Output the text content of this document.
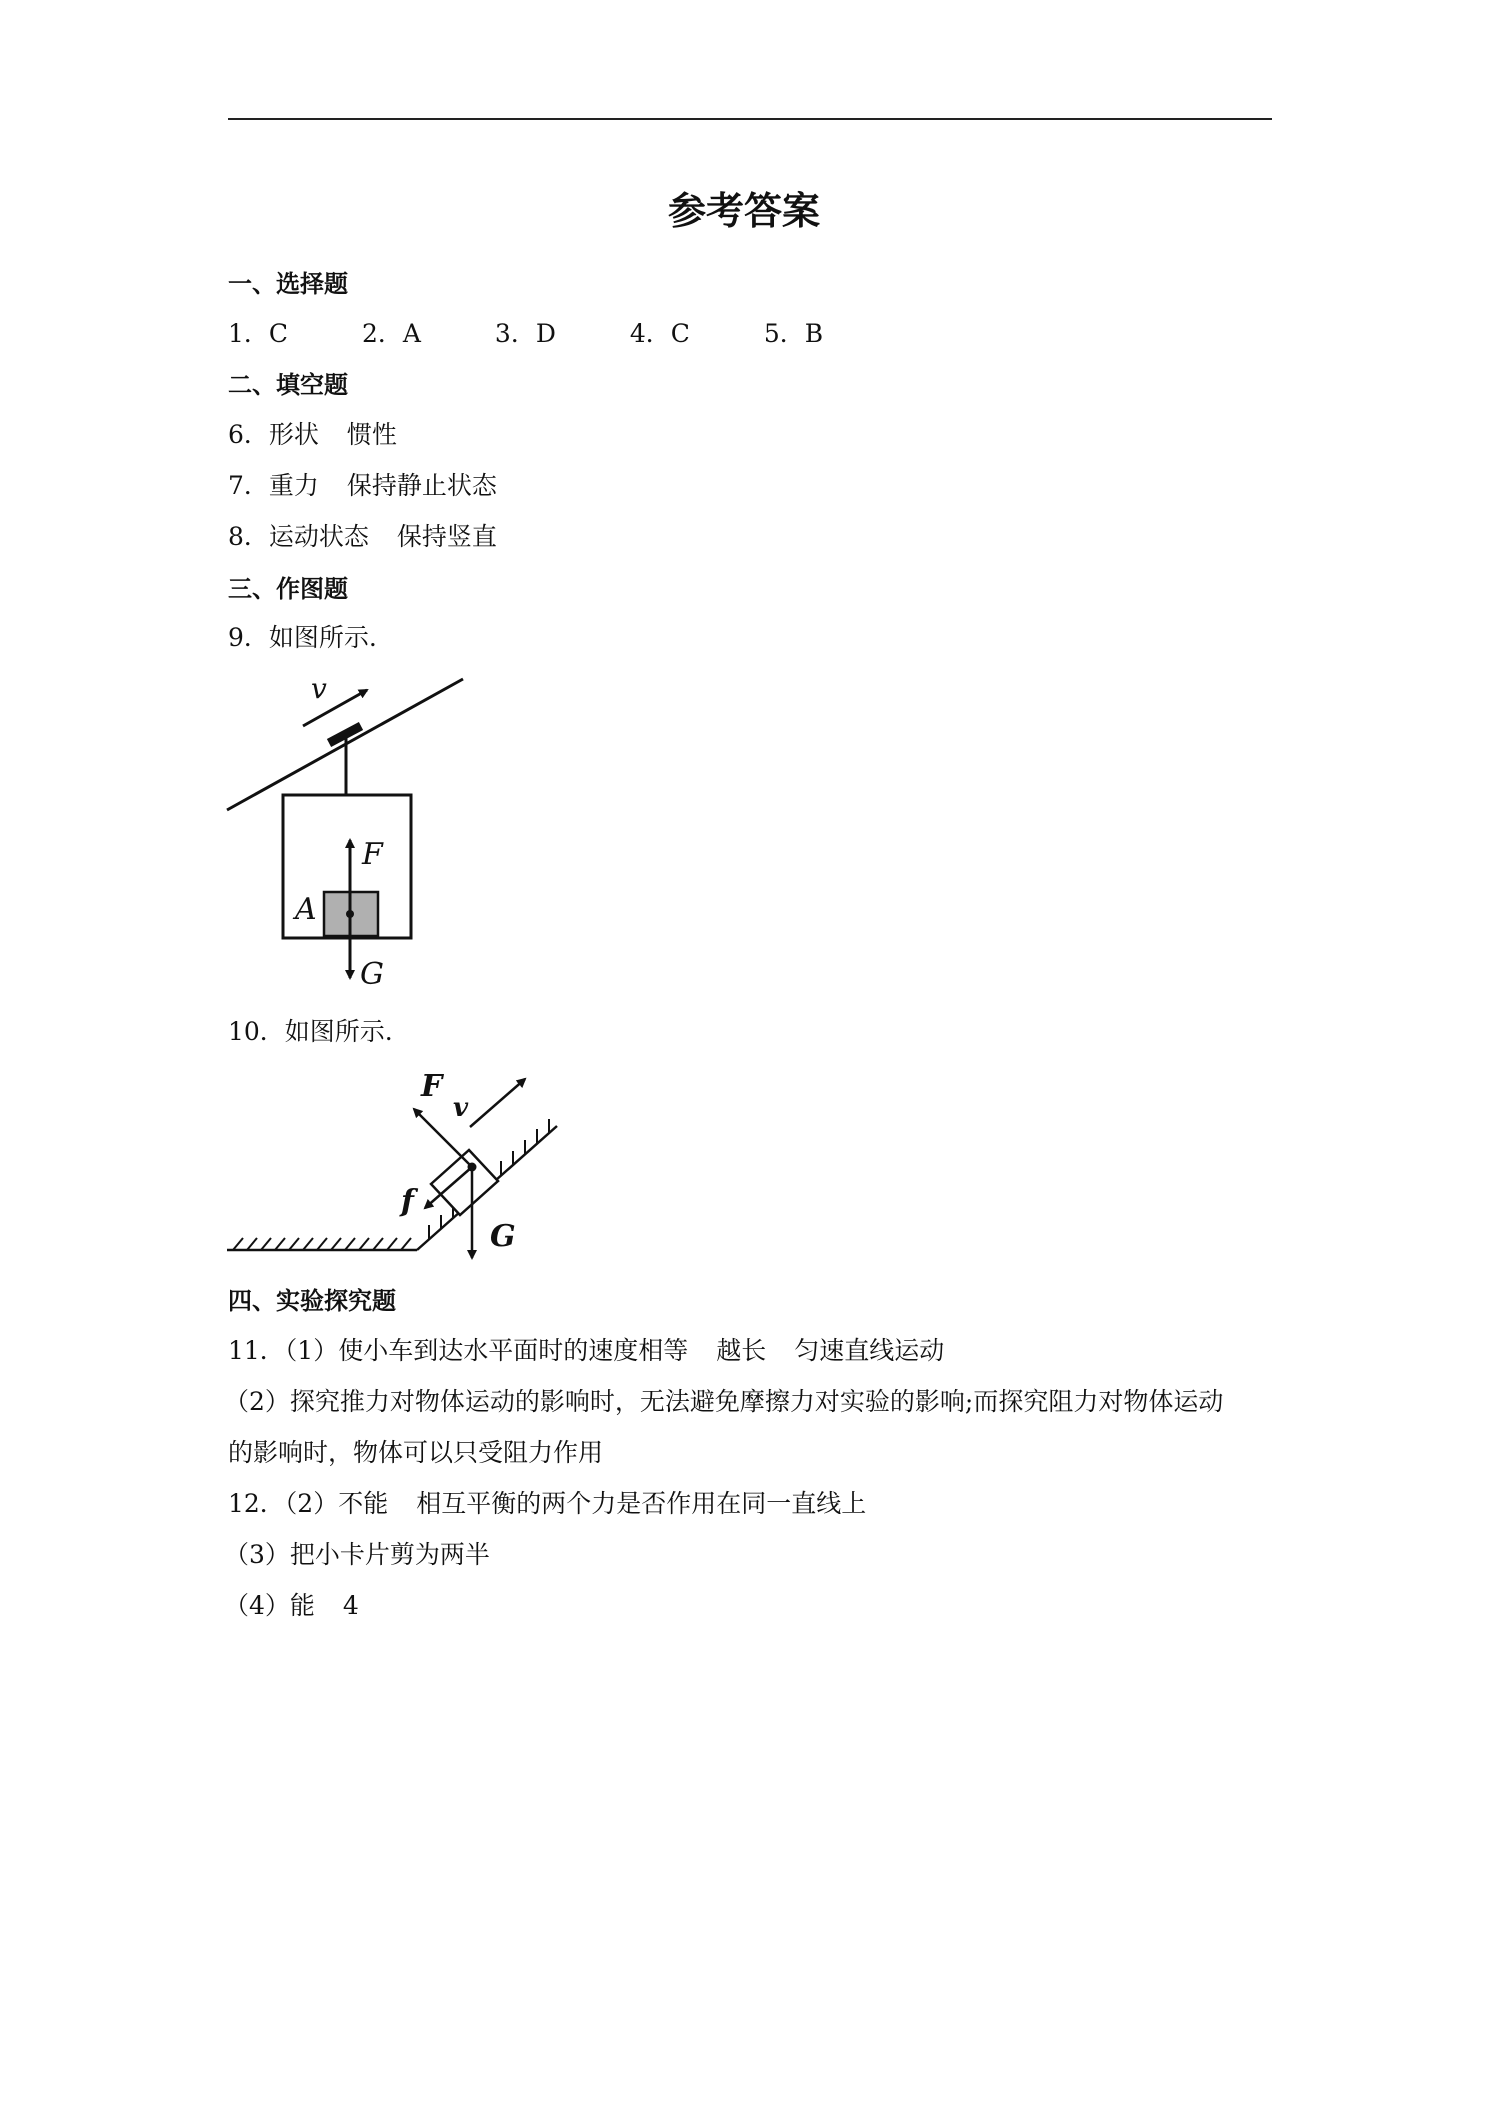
参考答案
一、选择题
1．C	2．A	3．D	4．C	5．B
二、填空题
6．形状 惯性
7．重力 保持静止状态
8．运动状态 保持竖直
三、作图题
9．如图所示.
v
F
A
G
10．如图所示.
F
v
f
G
四、实验探究题
11．（1）使小车到达水平面时的速度相等 越长 匀速直线运动
（2）探究推力对物体运动的影响时，无法避免摩擦力对实验的影响;而探究阻力对物体运动
的影响时，物体可以只受阻力作用
12．（2）不能 相互平衡的两个力是否作用在同一直线上
（3）把小卡片剪为两半
（4）能 4
